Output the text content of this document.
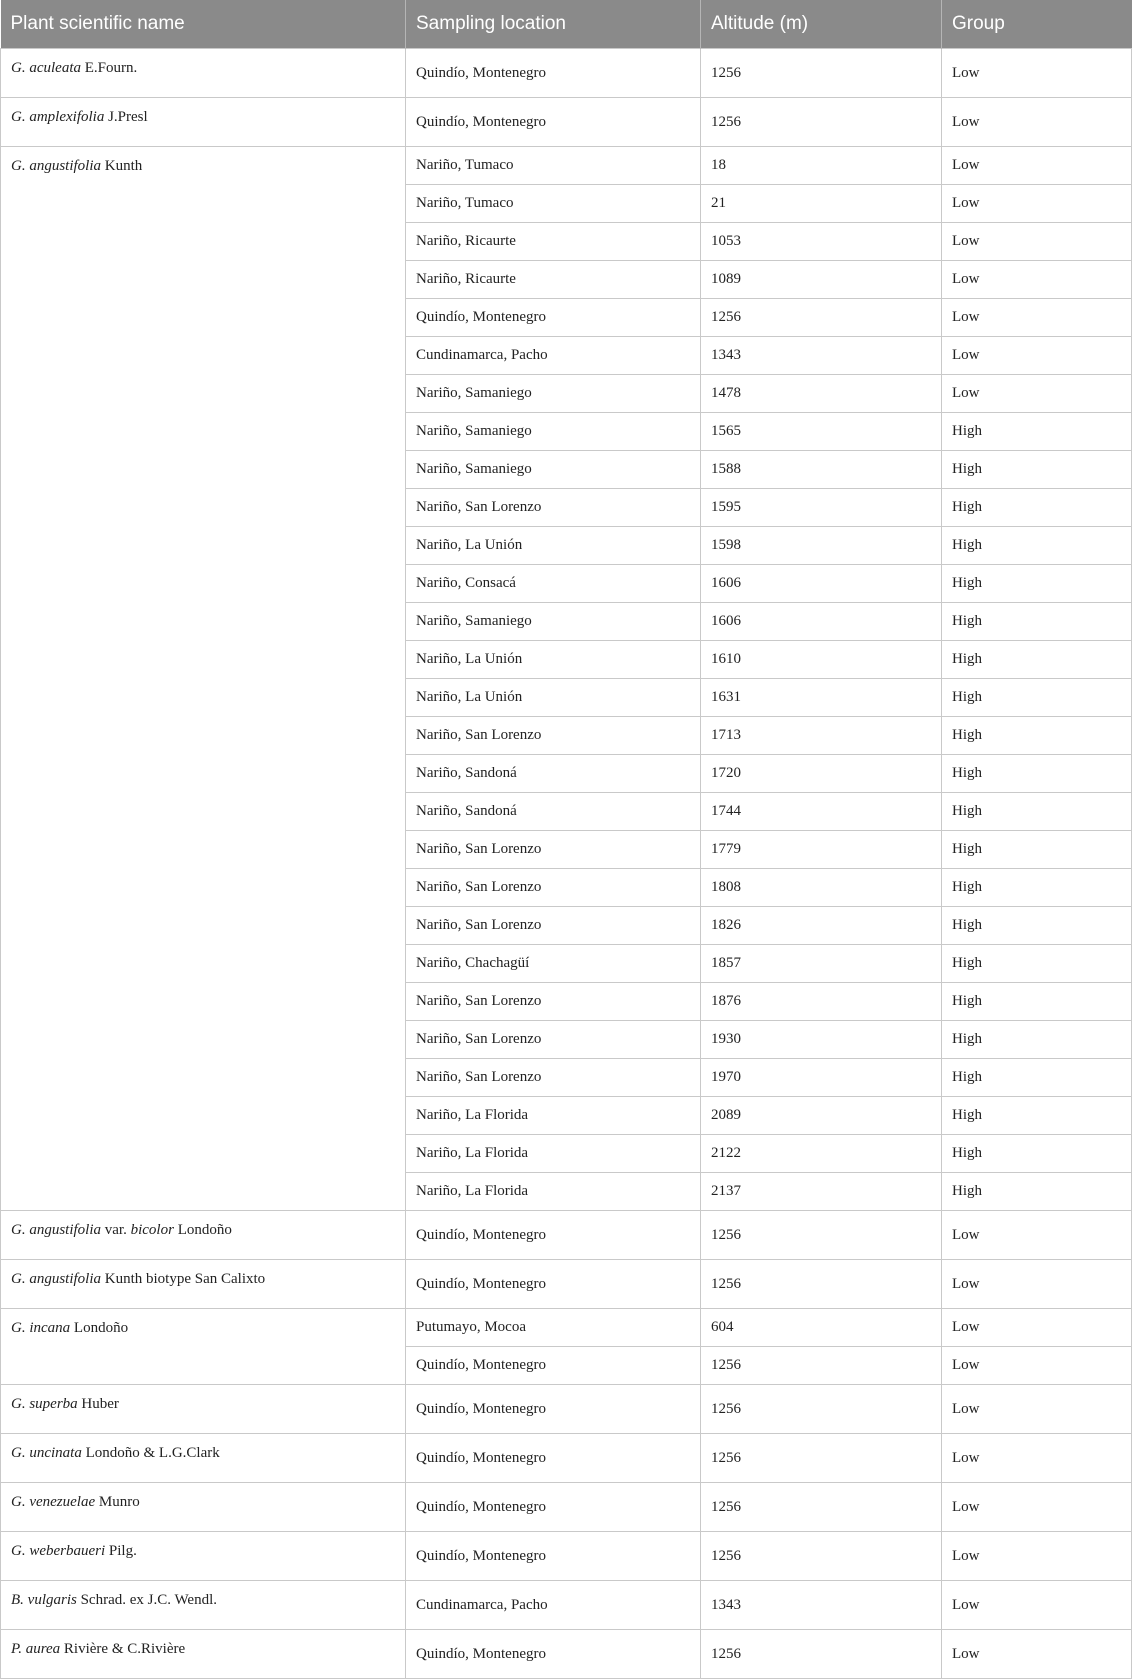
Plant scientific name	Sampling location	Altitude (m)	Group
G. aculeata E.Fourn.	Quindío, Montenegro	1256	Low
G. amplexifolia J.Presl	Quindío, Montenegro	1256	Low
G. angustifolia Kunth	Nariño, Tumaco	18	Low
	Nariño, Tumaco	21	Low
	Nariño, Ricaurte	1053	Low
	Nariño, Ricaurte	1089	Low
	Quindío, Montenegro	1256	Low
	Cundinamarca, Pacho	1343	Low
	Nariño, Samaniego	1478	Low
	Nariño, Samaniego	1565	High
	Nariño, Samaniego	1588	High
	Nariño, San Lorenzo	1595	High
	Nariño, La Unión	1598	High
	Nariño, Consacá	1606	High
	Nariño, Samaniego	1606	High
	Nariño, La Unión	1610	High
	Nariño, La Unión	1631	High
	Nariño, San Lorenzo	1713	High
	Nariño, Sandoná	1720	High
	Nariño, Sandoná	1744	High
	Nariño, San Lorenzo	1779	High
	Nariño, San Lorenzo	1808	High
	Nariño, San Lorenzo	1826	High
	Nariño, Chachagüí	1857	High
	Nariño, San Lorenzo	1876	High
	Nariño, San Lorenzo	1930	High
	Nariño, San Lorenzo	1970	High
	Nariño, La Florida	2089	High
	Nariño, La Florida	2122	High
	Nariño, La Florida	2137	High
G. angustifolia var. bicolor Londoño	Quindío, Montenegro	1256	Low
G. angustifolia Kunth biotype San Calixto	Quindío, Montenegro	1256	Low
G. incana Londoño	Putumayo, Mocoa	604	Low
	Quindío, Montenegro	1256	Low
G. superba Huber	Quindío, Montenegro	1256	Low
G. uncinata Londoño & L.G.Clark	Quindío, Montenegro	1256	Low
G. venezuelae Munro	Quindío, Montenegro	1256	Low
G. weberbaueri Pilg.	Quindío, Montenegro	1256	Low
B. vulgaris Schrad. ex J.C. Wendl.	Cundinamarca, Pacho	1343	Low
P. aurea Rivière & C.Rivière	Quindío, Montenegro	1256	Low
